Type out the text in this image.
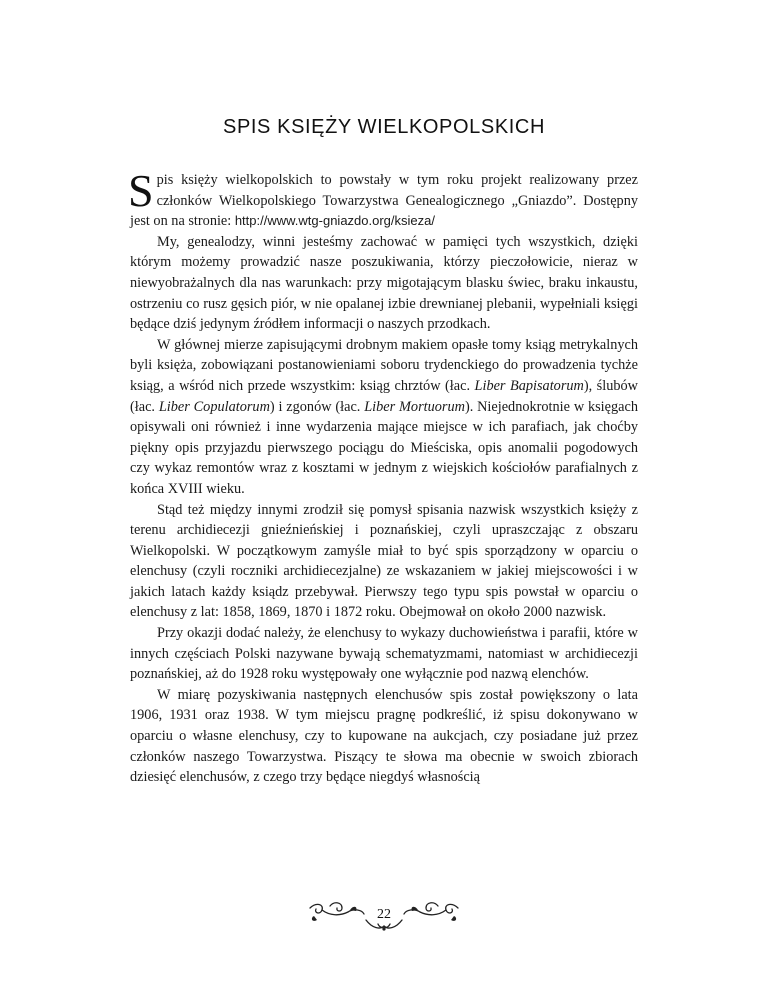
SPIS KSIĘŻY WIELKOPOLSKICH

Spis księży wielkopolskich to powstały w tym roku projekt realizowany przez członków Wielkopolskiego Towarzystwa Genealogicznego „Gniazdo”. Dostępny jest on na stronie: http://www.wtg-gniazdo.org/ksieza/

My, genealodzy, winni jesteśmy zachować w pamięci tych wszystkich, dzięki którym możemy prowadzić nasze poszukiwania, którzy pieczołowicie, nieraz w niewyobrażalnych dla nas warunkach: przy migotającym blasku świec, braku inkaustu, ostrzeniu co rusz gęsich piór, w nie opalanej izbie drewnianej plebanii, wypełniali księgi będące dziś jedynym źródłem informacji o naszych przodkach.

W głównej mierze zapisującymi drobnym makiem opasłe tomy ksiąg metrykalnych byli księża, zobowiązani postanowieniami soboru trydenckiego do prowadzenia tychże ksiąg, a wśród nich przede wszystkim: ksiąg chrztów (łac. Liber Bapisatorum), ślubów (łac. Liber Copulatorum) i zgonów (łac. Liber Mortuorum). Niejednokrotnie w księgach opisywali oni również i inne wydarzenia mające miejsce w ich parafiach, jak choćby piękny opis przyjazdu pierwszego pociągu do Mieściska, opis anomalii pogodowych czy wykaz remontów wraz z kosztami w jednym z wiejskich kościołów parafialnych z końca XVIII wieku.

Stąd też między innymi zrodził się pomysł spisania nazwisk wszystkich księży z terenu archidiecezji gnieźnieńskiej i poznańskiej, czyli upraszczając z obszaru Wielkopolski. W początkowym zamyśle miał to być spis sporządzony w oparciu o elenchusy (czyli roczniki archidiecezjalne) ze wskazaniem w jakiej miejscowości i w jakich latach każdy ksiądz przebywał. Pierwszy tego typu spis powstał w oparciu o elenchusy z lat: 1858, 1869, 1870 i 1872 roku. Obejmował on około 2000 nazwisk.

Przy okazji dodać należy, że elenchusy to wykazy duchowieństwa i parafii, które w innych częściach Polski nazywane bywają schematyzmami, natomiast w archidiecezji poznańskiej, aż do 1928 roku występowały one wyłącznie pod nazwą elenchów.

W miarę pozyskiwania następnych elenchusów spis został powiększony o lata 1906, 1931 oraz 1938. W tym miejscu pragnę podkreślić, iż spisu dokonywano w oparciu o własne elenchusy, czy to kupowane na aukcjach, czy posiadane już przez członków naszego Towarzystwa. Piszący te słowa ma obecnie w swoich zbiorach dziesięć elenchusów, z czego trzy będące niegdyś własnością

22
